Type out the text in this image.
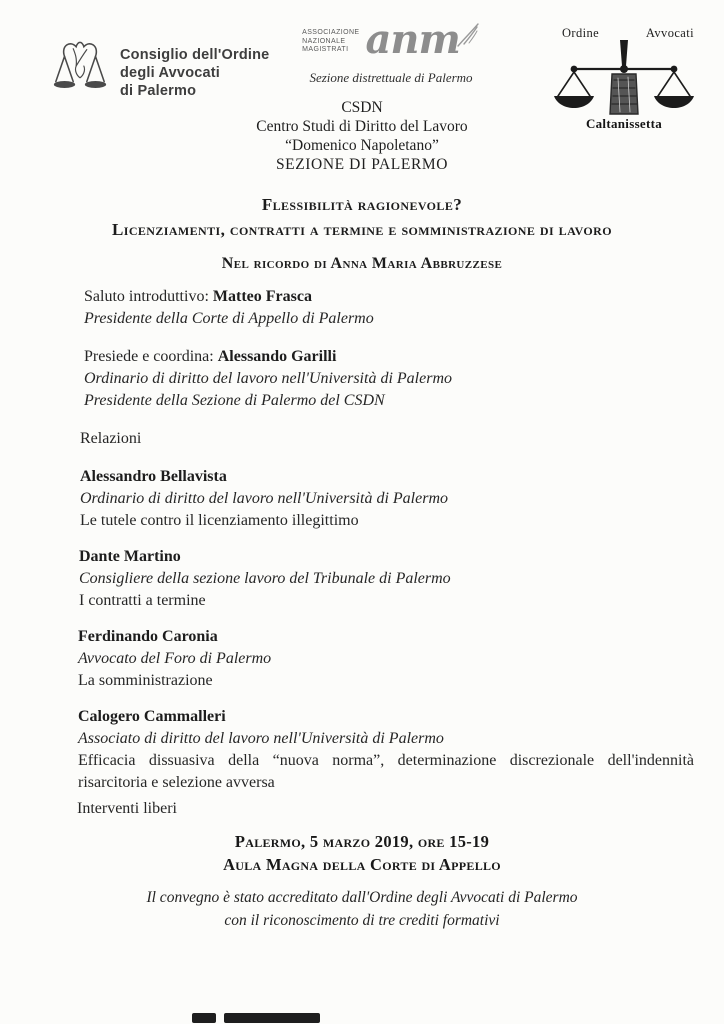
Consiglio dell'Ordine
degli Avvocati
di Palermo
ASSOCIAZIONE
NAZIONALE
MAGISTRATI anm
Sezione distrettuale di Palermo
Ordine	Avvocati
Caltanissetta
CSDN
Centro Studi di Diritto del Lavoro
“Domenico Napoletano”
SEZIONE DI PALERMO
Flessibilità ragionevole?
Licenziamenti, contratti a termine e somministrazione di lavoro
Nel ricordo di Anna Maria Abbruzzese
Saluto introduttivo: Matteo Frasca
Presidente della Corte di Appello di Palermo
Presiede e coordina: Alessando Garilli
Ordinario di diritto del lavoro nell'Università di Palermo
Presidente della Sezione di Palermo del CSDN
Relazioni
Alessandro Bellavista
Ordinario di diritto del lavoro nell'Università di Palermo
Le tutele contro il licenziamento illegittimo
Dante Martino
Consigliere della sezione lavoro del Tribunale di Palermo
I contratti a termine
Ferdinando Caronia
Avvocato del Foro di Palermo
La somministrazione
Calogero Cammalleri
Associato di diritto del lavoro nell'Università di Palermo
Efficacia dissuasiva della “nuova norma”, determinazione discrezionale dell'indennità risarcitoria e selezione avversa
Interventi liberi
Palermo, 5 marzo 2019, ore 15-19
Aula Magna della Corte di Appello
Il convegno è stato accreditato dall'Ordine degli Avvocati di Palermo
con il riconoscimento di tre crediti formativi
